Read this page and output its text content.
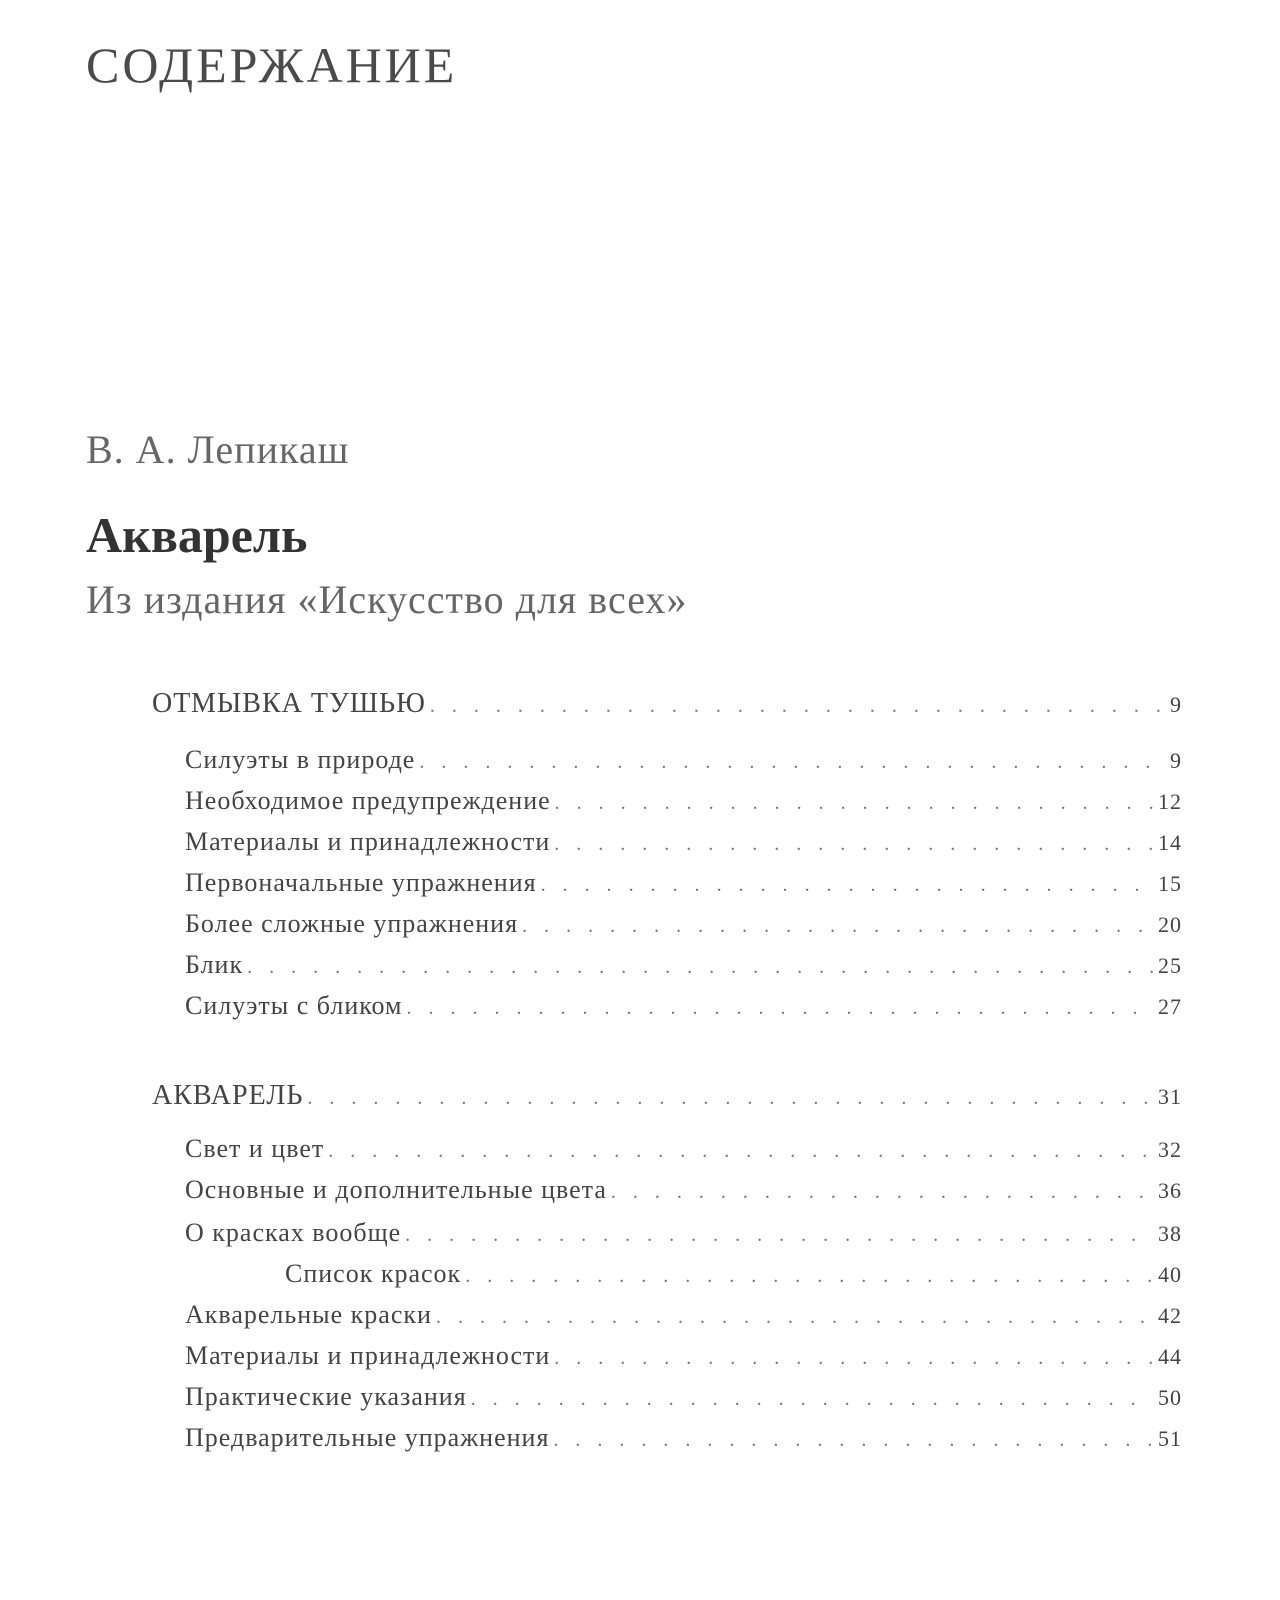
СОДЕРЖАНИЕ
В. А. Лепикаш
Акварель
Из издания «Искусство для всех»
ОТМЫВКА ТУШЬЮ . . .	9
Силуэты в природе . . .	9
Необходимое предупреждение . . .	12
Материалы и принадлежности . . .	14
Первоначальные упражнения . . .	15
Более сложные упражнения . . .	20
Блик . . .	25
Силуэты с бликом . . .	27
АКВАРЕЛЬ . . .	31
Свет и цвет . . .	32
Основные и дополнительные цвета . . .	36
О красках вообще . . .	38
Список красок . . .	40
Акварельные краски . . .	42
Материалы и принадлежности . . .	44
Практические указания . . .	50
Предварительные упражнения . . .	51
